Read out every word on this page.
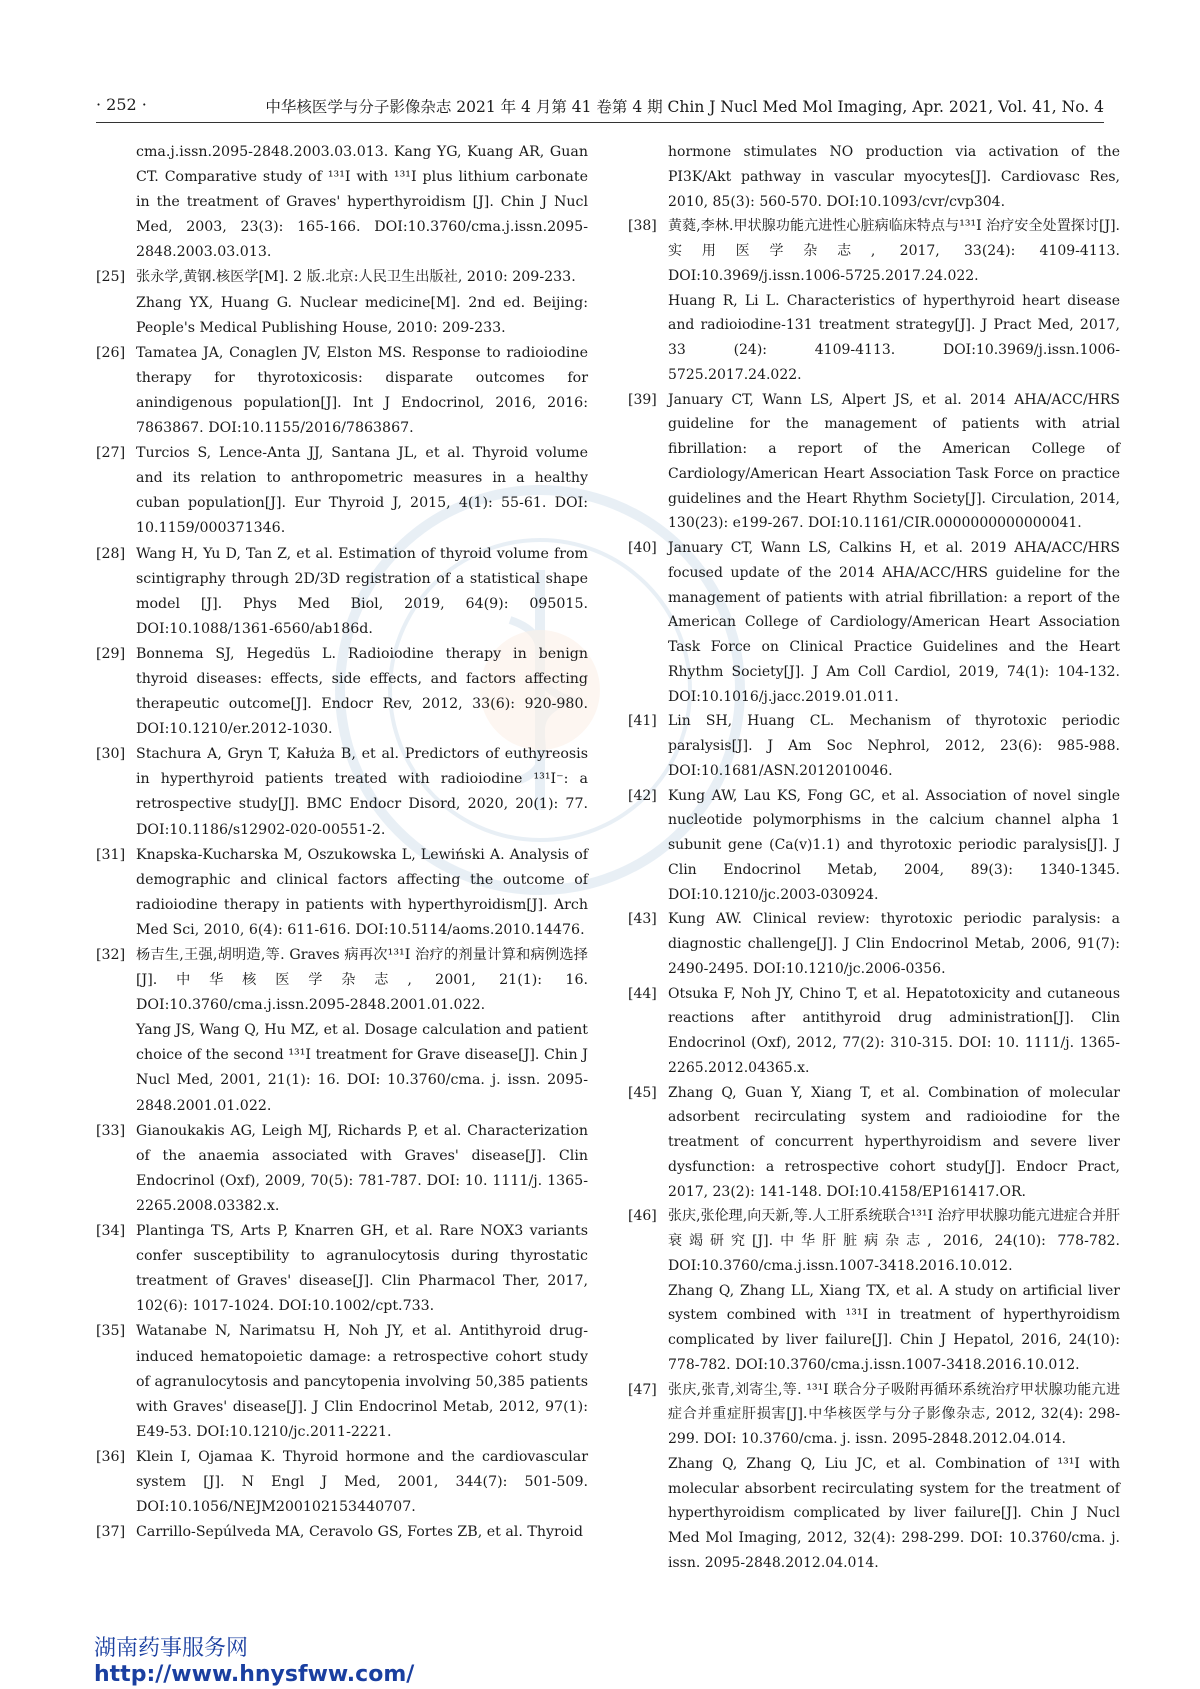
· 252 ·	中华核医学与分子影像杂志 2021 年 4 月第 41 卷第 4 期 Chin J Nucl Med Mol Imaging, Apr. 2021, Vol. 41, No. 4
cma.j.issn.2095-2848.2003.03.013. Kang YG, Kuang AR, Guan CT. Comparative study of ¹³¹I with ¹³¹I plus lithium carbonate in the treatment of Graves' hyperthyroidism [J]. Chin J Nucl Med, 2003, 23(3): 165-166. DOI:10.3760/cma.j.issn.2095-2848.2003.03.013.
[25] 张永学,黄钢.核医学[M]. 2 版.北京:人民卫生出版社, 2010: 209-233.
Zhang YX, Huang G. Nuclear medicine[M]. 2nd ed. Beijing: People's Medical Publishing House, 2010: 209-233.
[26] Tamatea JA, Conaglen JV, Elston MS. Response to radioiodine therapy for thyrotoxicosis: disparate outcomes for anindigenous population[J]. Int J Endocrinol, 2016, 2016: 7863867. DOI:10.1155/2016/7863867.
[27] Turcios S, Lence-Anta JJ, Santana JL, et al. Thyroid volume and its relation to anthropometric measures in a healthy cuban population[J]. Eur Thyroid J, 2015, 4(1): 55-61. DOI: 10.1159/000371346.
[28] Wang H, Yu D, Tan Z, et al. Estimation of thyroid volume from scintigraphy through 2D/3D registration of a statistical shape model [J]. Phys Med Biol, 2019, 64(9): 095015. DOI:10.1088/1361-6560/ab186d.
[29] Bonnema SJ, Hegedüs L. Radioiodine therapy in benign thyroid diseases: effects, side effects, and factors affecting therapeutic outcome[J]. Endocr Rev, 2012, 33(6): 920-980. DOI:10.1210/er.2012-1030.
[30] Stachura A, Gryn T, Kałuża B, et al. Predictors of euthyreosis in hyperthyroid patients treated with radioiodine ¹³¹I⁻: a retrospective study[J]. BMC Endocr Disord, 2020, 20(1): 77. DOI:10.1186/s12902-020-00551-2.
[31] Knapska-Kucharska M, Oszukowska L, Lewiński A. Analysis of demographic and clinical factors affecting the outcome of radioiodine therapy in patients with hyperthyroidism[J]. Arch Med Sci, 2010, 6(4): 611-616. DOI:10.5114/aoms.2010.14476.
[32] 杨吉生,王强,胡明造,等. Graves 病再次¹³¹I 治疗的剂量计算和病例选择[J].中华核医学杂志, 2001, 21(1): 16. DOI:10.3760/cma.j.issn.2095-2848.2001.01.022.
Yang JS, Wang Q, Hu MZ, et al. Dosage calculation and patient choice of the second ¹³¹I treatment for Grave disease[J]. Chin J Nucl Med, 2001, 21(1): 16. DOI: 10.3760/cma. j. issn. 2095-2848.2001.01.022.
[33] Gianoukakis AG, Leigh MJ, Richards P, et al. Characterization of the anaemia associated with Graves' disease[J]. Clin Endocrinol (Oxf), 2009, 70(5): 781-787. DOI: 10. 1111/j. 1365-2265.2008.03382.x.
[34] Plantinga TS, Arts P, Knarren GH, et al. Rare NOX3 variants confer susceptibility to agranulocytosis during thyrostatic treatment of Graves' disease[J]. Clin Pharmacol Ther, 2017, 102(6): 1017-1024. DOI:10.1002/cpt.733.
[35] Watanabe N, Narimatsu H, Noh JY, et al. Antithyroid drug-induced hematopoietic damage: a retrospective cohort study of agranulocytosis and pancytopenia involving 50,385 patients with Graves' disease[J]. J Clin Endocrinol Metab, 2012, 97(1): E49-53. DOI:10.1210/jc.2011-2221.
[36] Klein I, Ojamaa K. Thyroid hormone and the cardiovascular system [J]. N Engl J Med, 2001, 344(7): 501-509. DOI:10.1056/NEJM200102153440707.
[37] Carrillo-Sepúlveda MA, Ceravolo GS, Fortes ZB, et al. Thyroid
hormone stimulates NO production via activation of the PI3K/Akt pathway in vascular myocytes[J]. Cardiovasc Res, 2010, 85(3): 560-570. DOI:10.1093/cvr/cvp304.
[38] 黄蕤,李林.甲状腺功能亢进性心脏病临床特点与¹³¹I 治疗安全处置探讨[J].实用医学杂志, 2017, 33(24): 4109-4113. DOI:10.3969/j.issn.1006-5725.2017.24.022.
Huang R, Li L. Characteristics of hyperthyroid heart disease and radioiodine-131 treatment strategy[J]. J Pract Med, 2017, 33 (24): 4109-4113. DOI:10.3969/j.issn.1006-5725.2017.24.022.
[39] January CT, Wann LS, Alpert JS, et al. 2014 AHA/ACC/HRS guideline for the management of patients with atrial fibrillation: a report of the American College of Cardiology/American Heart Association Task Force on practice guidelines and the Heart Rhythm Society[J]. Circulation, 2014, 130(23): e199-267. DOI:10.1161/CIR.0000000000000041.
[40] January CT, Wann LS, Calkins H, et al. 2019 AHA/ACC/HRS focused update of the 2014 AHA/ACC/HRS guideline for the management of patients with atrial fibrillation: a report of the American College of Cardiology/American Heart Association Task Force on Clinical Practice Guidelines and the Heart Rhythm Society[J]. J Am Coll Cardiol, 2019, 74(1): 104-132. DOI:10.1016/j.jacc.2019.01.011.
[41] Lin SH, Huang CL. Mechanism of thyrotoxic periodic paralysis[J]. J Am Soc Nephrol, 2012, 23(6): 985-988. DOI:10.1681/ASN.2012010046.
[42] Kung AW, Lau KS, Fong GC, et al. Association of novel single nucleotide polymorphisms in the calcium channel alpha 1 subunit gene (Ca(v)1.1) and thyrotoxic periodic paralysis[J]. J Clin Endocrinol Metab, 2004, 89(3): 1340-1345. DOI:10.1210/jc.2003-030924.
[43] Kung AW. Clinical review: thyrotoxic periodic paralysis: a diagnostic challenge[J]. J Clin Endocrinol Metab, 2006, 91(7): 2490-2495. DOI:10.1210/jc.2006-0356.
[44] Otsuka F, Noh JY, Chino T, et al. Hepatotoxicity and cutaneous reactions after antithyroid drug administration[J]. Clin Endocrinol (Oxf), 2012, 77(2): 310-315. DOI: 10. 1111/j. 1365-2265.2012.04365.x.
[45] Zhang Q, Guan Y, Xiang T, et al. Combination of molecular adsorbent recirculating system and radioiodine for the treatment of concurrent hyperthyroidism and severe liver dysfunction: a retrospective cohort study[J]. Endocr Pract, 2017, 23(2): 141-148. DOI:10.4158/EP161417.OR.
[46] 张庆,张伦理,向天新,等.人工肝系统联合¹³¹I 治疗甲状腺功能亢进症合并肝衰竭研究[J].中华肝脏病杂志, 2016, 24(10): 778-782. DOI:10.3760/cma.j.issn.1007-3418.2016.10.012.
Zhang Q, Zhang LL, Xiang TX, et al. A study on artificial liver system combined with ¹³¹I in treatment of hyperthyroidism complicated by liver failure[J]. Chin J Hepatol, 2016, 24(10): 778-782. DOI:10.3760/cma.j.issn.1007-3418.2016.10.012.
[47] 张庆,张青,刘寄尘,等. ¹³¹I 联合分子吸附再循环系统治疗甲状腺功能亢进症合并重症肝损害[J].中华核医学与分子影像杂志, 2012, 32(4): 298-299. DOI: 10.3760/cma. j. issn. 2095-2848.2012.04.014.
Zhang Q, Zhang Q, Liu JC, et al. Combination of ¹³¹I with molecular absorbent recirculating system for the treatment of hyperthyroidism complicated by liver failure[J]. Chin J Nucl Med Mol Imaging, 2012, 32(4): 298-299. DOI: 10.3760/cma. j. issn. 2095-2848.2012.04.014.
湖南药事服务网
http://www.hnysfww.com/
